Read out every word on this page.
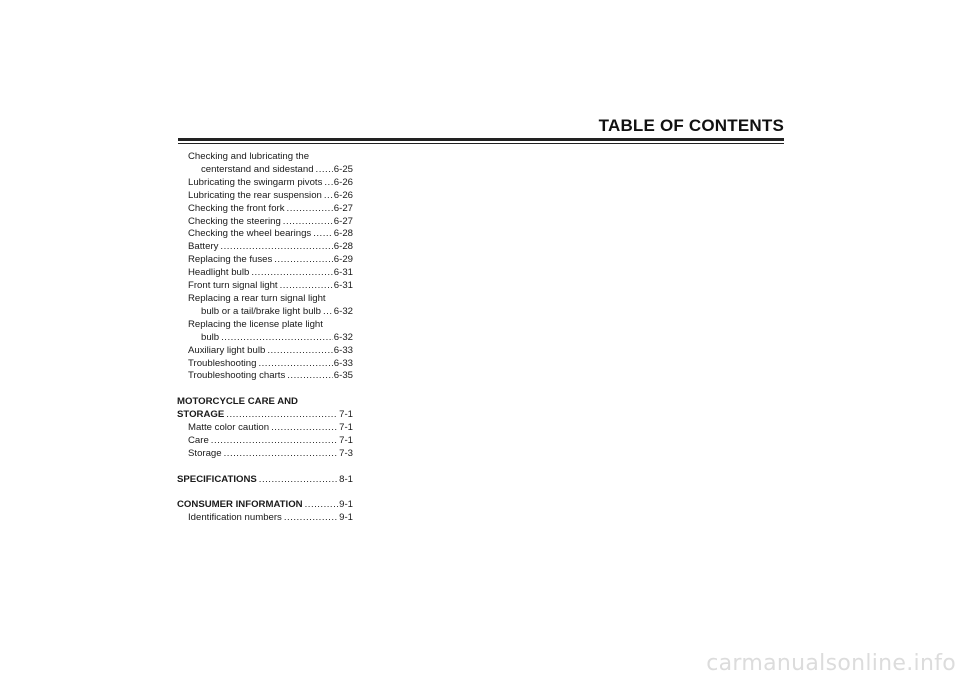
TABLE OF CONTENTS
Checking and lubricating the
centerstand and sidestand ..... 6-25
Lubricating the swingarm pivots ..... 6-26
Lubricating the rear suspension ..... 6-26
Checking the front fork .....	6-27
Checking the steering .....	6-27
Checking the wheel bearings ..... 6-28
Battery .....	6-28
Replacing the fuses .....	6-29
Headlight bulb .....	6-31
Front turn signal light .....	6-31
Replacing a rear turn signal light
bulb or a tail/brake light bulb ..... 6-32
Replacing the license plate light
bulb .....	6-32
Auxiliary light bulb .....	6-33
Troubleshooting .....	6-33
Troubleshooting charts .....	6-35
MOTORCYCLE CARE AND
STORAGE .....	7-1
Matte color caution .....	7-1
Care .....	7-1
Storage .....	7-3
SPECIFICATIONS .....	8-1
CONSUMER INFORMATION .....	9-1
Identification numbers .....	9-1
carmanualsonline.info
